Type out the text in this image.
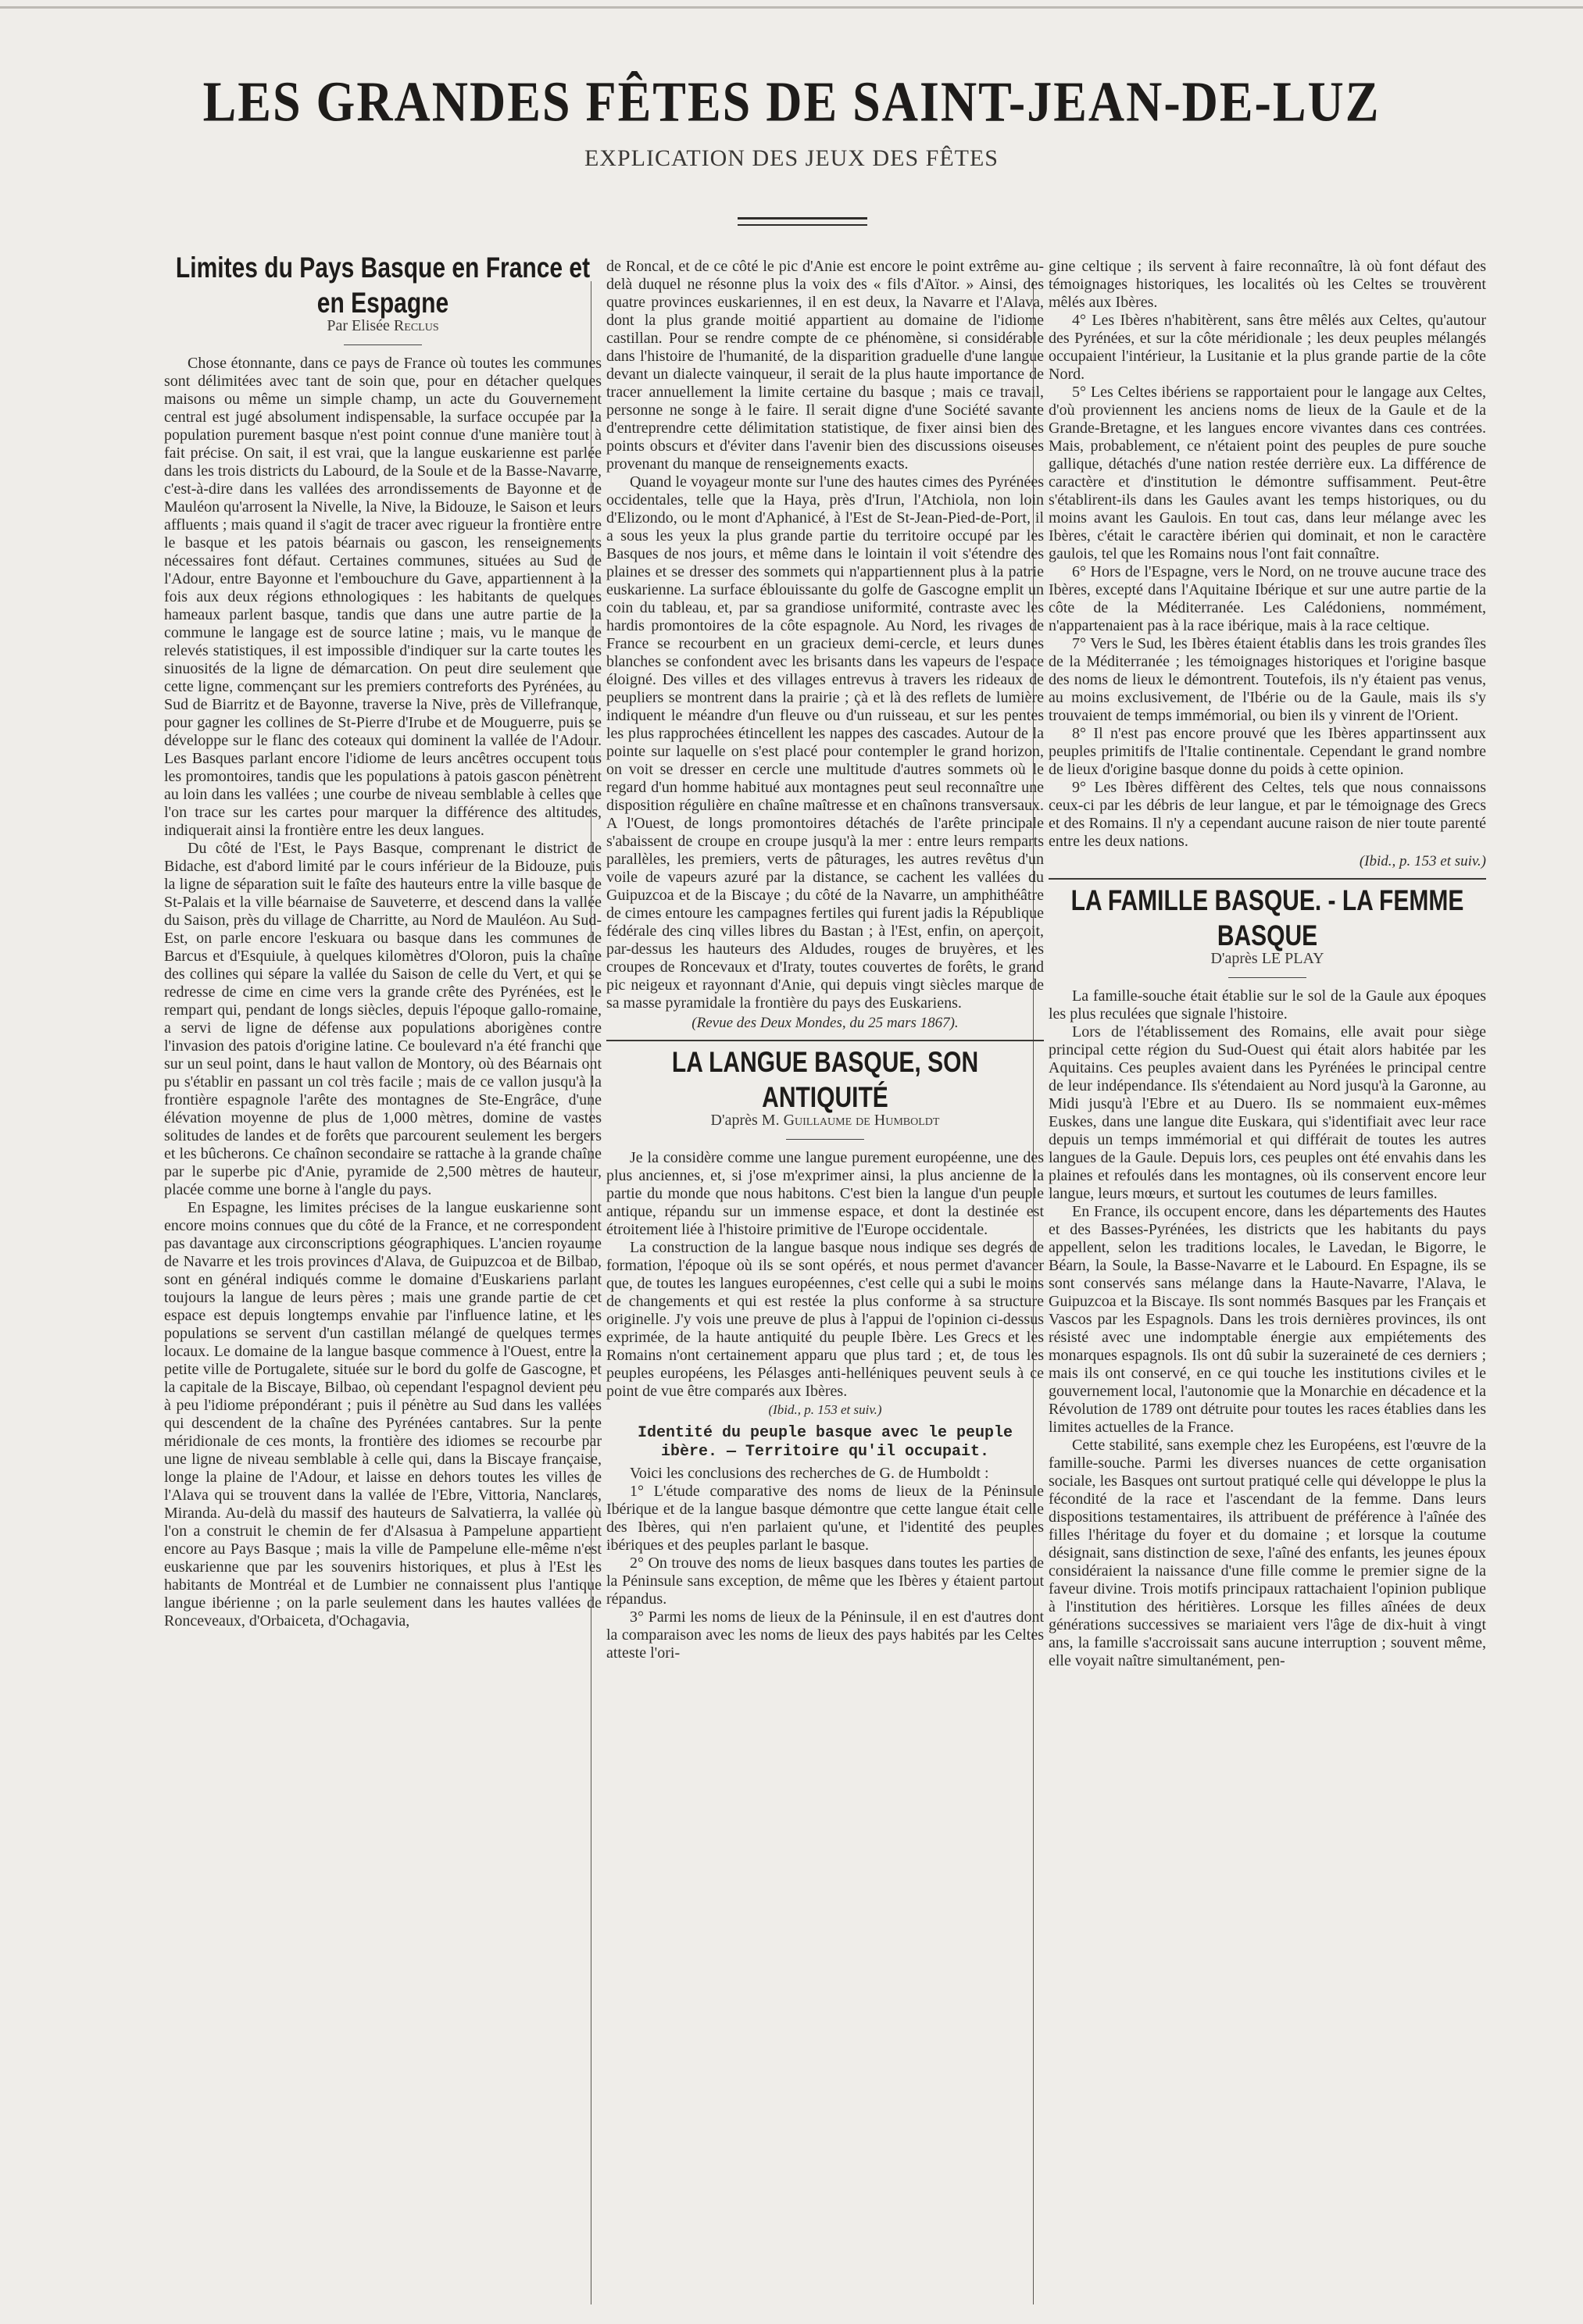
LES GRANDES FÊTES DE SAINT-JEAN-DE-LUZ
EXPLICATION DES JEUX DES FÊTES
Limites du Pays Basque en France et en Espagne
Par Elisée Reclus

Chose étonnante, dans ce pays de France où toutes les communes sont délimitées avec tant de soin que, pour en détacher quelques maisons ou même un simple champ, un acte du Gouvernement central est jugé absolument indispensable, la surface occupée par la population purement basque n'est point connue d'une manière tout à fait précise. On sait, il est vrai, que la langue euskarienne est parlée dans les trois districts du Labourd, de la Soule et de la Basse-Navarre, c'est-à-dire dans les vallées des arrondissements de Bayonne et de Mauléon qu'arrosent la Nivelle, la Nive, la Bidouze, le Saison et leurs affluents ; mais quand il s'agit de tracer avec rigueur la frontière entre le basque et les patois béarnais ou gascon, les renseignements nécessaires font défaut. Certaines communes, situées au Sud de l'Adour, entre Bayonne et l'embouchure du Gave, appartiennent à la fois aux deux régions ethnologiques : les habitants de quelques hameaux parlent basque, tandis que dans une autre partie de la commune le langage est de source latine ; mais, vu le manque de relevés statistiques, il est impossible d'indiquer sur la carte toutes les sinuosités de la ligne de démarcation. On peut dire seulement que cette ligne, commençant sur les premiers contreforts des Pyrénées, au Sud de Biarritz et de Bayonne, traverse la Nive, près de Villefranque, pour gagner les collines de St-Pierre d'Irube et de Mouguerre, puis se développe sur le flanc des coteaux qui dominent la vallée de l'Adour. Les Basques parlant encore l'idiome de leurs ancêtres occupent tous les promontoires, tandis que les populations à patois gascon pénètrent au loin dans les vallées ; une courbe de niveau semblable à celles que l'on trace sur les cartes pour marquer la différence des altitudes, indiquerait ainsi la frontière entre les deux langues.

Du côté de l'Est, le Pays Basque, comprenant le district de Bidache, est d'abord limité par le cours inférieur de la Bidouze, puis la ligne de séparation suit le faîte des hauteurs entre la ville basque de St-Palais et la ville béarnaise de Sauveterre, et descend dans la vallée du Saison, près du village de Charritte, au Nord de Mauléon. Au Sud-Est, on parle encore l'eskuara ou basque dans les communes de Barcus et d'Esquiule, à quelques kilomètres d'Oloron, puis la chaîne des collines qui sépare la vallée du Saison de celle du Vert, et qui se redresse de cime en cime vers la grande crête des Pyrénées, est le rempart qui, pendant de longs siècles, depuis l'époque gallo-romaine, a servi de ligne de défense aux populations aborigènes contre l'invasion des patois d'origine latine. Ce boulevard n'a été franchi que sur un seul point, dans le haut vallon de Montory, où des Béarnais ont pu s'établir en passant un col très facile ; mais de ce vallon jusqu'à la frontière espagnole l'arête des montagnes de Ste-Engrâce, d'une élévation moyenne de plus de 1,000 mètres, domine de vastes solitudes de landes et de forêts que parcourent seulement les bergers et les bûcherons. Ce chaînon secondaire se rattache à la grande chaîne par le superbe pic d'Anie, pyramide de 2,500 mètres de hauteur, placée comme une borne à l'angle du pays.

En Espagne, les limites précises de la langue euskarienne sont encore moins connues que du côté de la France, et ne correspondent pas davantage aux circonscriptions géographiques. L'ancien royaume de Navarre et les trois provinces d'Alava, de Guipuzcoa et de Bilbao, sont en général indiqués comme le domaine d'Euskariens parlant toujours la langue de leurs pères ; mais une grande partie de cet espace est depuis longtemps envahie par l'influence latine, et les populations se servent d'un castillan mélangé de quelques termes locaux. Le domaine de la langue basque commence à l'Ouest, entre la petite ville de Portugalete, située sur le bord du golfe de Gascogne, et la capitale de la Biscaye, Bilbao, où cependant l'espagnol devient peu à peu l'idiome prépondérant ; puis il pénètre au Sud dans les vallées qui descendent de la chaîne des Pyrénées cantabres. Sur la pente méridionale de ces monts, la frontière des idiomes se recourbe par une ligne de niveau semblable à celle qui, dans la Biscaye française, longe la plaine de l'Adour, et laisse en dehors toutes les villes de l'Alava qui se trouvent dans la vallée de l'Ebre, Vittoria, Nanclares, Miranda. Au-delà du massif des hauteurs de Salvatierra, la vallée où l'on a construit le chemin de fer d'Alsasua à Pampelune appartient encore au Pays Basque ; mais la ville de Pampelune elle-même n'est euskarienne que par les souvenirs historiques, et plus à l'Est les habitants de Montréal et de Lumbier ne connaissent plus l'antique langue ibérienne ; on la parle seulement dans les hautes vallées de Ronceveaux, d'Orbaiceta, d'Ochagavia,

de Roncal, et de ce côté le pic d'Anie est encore le point extrême au-delà duquel ne résonne plus la voix des « fils d'Aïtor. » Ainsi, des quatre provinces euskariennes, il en est deux, la Navarre et l'Alava, dont la plus grande moitié appartient au domaine de l'idiome castillan. Pour se rendre compte de ce phénomène, si considérable dans l'histoire de l'humanité, de la disparition graduelle d'une langue devant un dialecte vainqueur, il serait de la plus haute importance de tracer annuellement la limite certaine du basque ; mais ce travail, personne ne songe à le faire. Il serait digne d'une Société savante d'entreprendre cette délimitation statistique, de fixer ainsi bien des points obscurs et d'éviter dans l'avenir bien des discussions oiseuses provenant du manque de renseignements exacts.

Quand le voyageur monte sur l'une des hautes cimes des Pyrénées occidentales, telle que la Haya, près d'Irun, l'Atchiola, non loin d'Elizondo, ou le mont d'Aphanicé, à l'Est de St-Jean-Pied-de-Port, il a sous les yeux la plus grande partie du territoire occupé par les Basques de nos jours, et même dans le lointain il voit s'étendre des plaines et se dresser des sommets qui n'appartiennent plus à la patrie euskarienne. La surface éblouissante du golfe de Gascogne emplit un coin du tableau, et, par sa grandiose uniformité, contraste avec les hardis promontoires de la côte espagnole. Au Nord, les rivages de France se recourbent en un gracieux demi-cercle, et leurs dunes blanches se confondent avec les brisants dans les vapeurs de l'espace éloigné. Des villes et des villages entrevus à travers les rideaux de peupliers se montrent dans la prairie ; çà et là des reflets de lumière indiquent le méandre d'un fleuve ou d'un ruisseau, et sur les pentes les plus rapprochées étincellent les nappes des cascades. Autour de la pointe sur laquelle on s'est placé pour contempler le grand horizon, on voit se dresser en cercle une multitude d'autres sommets où le regard d'un homme habitué aux montagnes peut seul reconnaître une disposition régulière en chaîne maîtresse et en chaînons transversaux. A l'Ouest, de longs promontoires détachés de l'arête principale s'abaissent de croupe en croupe jusqu'à la mer : entre leurs remparts parallèles, les premiers, verts de pâturages, les autres revêtus d'un voile de vapeurs azuré par la distance, se cachent les vallées du Guipuzcoa et de la Biscaye ; du côté de la Navarre, un amphithéâtre de cimes entoure les campagnes fertiles qui furent jadis la République fédérale des cinq villes libres du Bastan ; à l'Est, enfin, on aperçoit, par-dessus les hauteurs des Aldudes, rouges de bruyères, et les croupes de Roncevaux et d'Iraty, toutes couvertes de forêts, le grand pic neigeux et rayonnant d'Anie, qui depuis vingt siècles marque de sa masse pyramidale la frontière du pays des Euskariens.

(Revue des Deux Mondes, du 25 mars 1867).
LA LANGUE BASQUE, SON ANTIQUITÉ
D'après M. Guillaume de Humboldt

Je la considère comme une langue purement européenne, une des plus anciennes, et, si j'ose m'exprimer ainsi, la plus ancienne de la partie du monde que nous habitons. C'est bien la langue d'un peuple antique, répandu sur un immense espace, et dont la destinée est étroitement liée à l'histoire primitive de l'Europe occidentale.

La construction de la langue basque nous indique ses degrés de formation, l'époque où ils se sont opérés, et nous permet d'avancer que, de toutes les langues européennes, c'est celle qui a subi le moins de changements et qui est restée la plus conforme à sa structure originelle. J'y vois une preuve de plus à l'appui de l'opinion ci-dessus exprimée, de la haute antiquité du peuple Ibère. Les Grecs et les Romains n'ont certainement apparu que plus tard ; et, de tous les peuples européens, les Pélasges anti-helléniques peuvent seuls à ce point de vue être comparés aux Ibères.

(Ibid., p. 153 et suiv.)
Identité du peuple basque avec le peuple ibère. — Territoire qu'il occupait.

Voici les conclusions des recherches de G. de Humboldt :

1° L'étude comparative des noms de lieux de la Péninsule Ibérique et de la langue basque démontre que cette langue était celle des Ibères, qui n'en parlaient qu'une, et l'identité des peuples ibériques et des peuples parlant le basque.

2° On trouve des noms de lieux basques dans toutes les parties de la Péninsule sans exception, de même que les Ibères y étaient partout répandus.

3° Parmi les noms de lieux de la Péninsule, il en est d'autres dont la comparaison avec les noms de lieux des pays habités par les Celtes atteste l'ori-

gine celtique ; ils servent à faire reconnaître, là où font défaut des témoignages historiques, les localités où les Celtes se trouvèrent mêlés aux Ibères.

4° Les Ibères n'habitèrent, sans être mêlés aux Celtes, qu'autour des Pyrénées, et sur la côte méridionale ; les deux peuples mélangés occupaient l'intérieur, la Lusitanie et la plus grande partie de la côte Nord.

5° Les Celtes ibériens se rapportaient pour le langage aux Celtes, d'où proviennent les anciens noms de lieux de la Gaule et de la Grande-Bretagne, et les langues encore vivantes dans ces contrées. Mais, probablement, ce n'étaient point des peuples de pure souche gallique, détachés d'une nation restée derrière eux. La différence de caractère et d'institution le démontre suffisamment. Peut-être s'établirent-ils dans les Gaules avant les temps historiques, ou du moins avant les Gaulois. En tout cas, dans leur mélange avec les Ibères, c'était le caractère ibérien qui dominait, et non le caractère gaulois, tel que les Romains nous l'ont fait connaître.

6° Hors de l'Espagne, vers le Nord, on ne trouve aucune trace des Ibères, excepté dans l'Aquitaine Ibérique et sur une autre partie de la côte de la Méditerranée. Les Calédoniens, nommément, n'appartenaient pas à la race ibérique, mais à la race celtique.

7° Vers le Sud, les Ibères étaient établis dans les trois grandes îles de la Méditerranée ; les témoignages historiques et l'origine basque des noms de lieux le démontrent. Toutefois, ils n'y étaient pas venus, au moins exclusivement, de l'Ibérie ou de la Gaule, mais ils s'y trouvaient de temps immémorial, ou bien ils y vinrent de l'Orient.

8° Il n'est pas encore prouvé que les Ibères appartinssent aux peuples primitifs de l'Italie continentale. Cependant le grand nombre de lieux d'origine basque donne du poids à cette opinion.

9° Les Ibères diffèrent des Celtes, tels que nous connaissons ceux-ci par les débris de leur langue, et par le témoignage des Grecs et des Romains. Il n'y a cependant aucune raison de nier toute parenté entre les deux nations.

(Ibid., p. 153 et suiv.)
LA FAMILLE BASQUE. - LA FEMME BASQUE
D'après LE PLAY

La famille-souche était établie sur le sol de la Gaule aux époques les plus reculées que signale l'histoire.

Lors de l'établissement des Romains, elle avait pour siège principal cette région du Sud-Ouest qui était alors habitée par les Aquitains. Ces peuples avaient dans les Pyrénées le principal centre de leur indépendance. Ils s'étendaient au Nord jusqu'à la Garonne, au Midi jusqu'à l'Ebre et au Duero. Ils se nommaient eux-mêmes Euskes, dans une langue dite Euskara, qui s'identifiait avec leur race depuis un temps immémorial et qui différait de toutes les autres langues de la Gaule. Depuis lors, ces peuples ont été envahis dans les plaines et refoulés dans les montagnes, où ils conservent encore leur langue, leurs mœurs, et surtout les coutumes de leurs familles.

En France, ils occupent encore, dans les départements des Hautes et des Basses-Pyrénées, les districts que les habitants du pays appellent, selon les traditions locales, le Lavedan, le Bigorre, le Béarn, la Soule, la Basse-Navarre et le Labourd. En Espagne, ils se sont conservés sans mélange dans la Haute-Navarre, l'Alava, le Guipuzcoa et la Biscaye. Ils sont nommés Basques par les Français et Vascos par les Espagnols. Dans les trois dernières provinces, ils ont résisté avec une indomptable énergie aux empiétements des monarques espagnols. Ils ont dû subir la suzeraineté de ces derniers ; mais ils ont conservé, en ce qui touche les institutions civiles et le gouvernement local, l'autonomie que la Monarchie en décadence et la Révolution de 1789 ont détruite pour toutes les races établies dans les limites actuelles de la France.

Cette stabilité, sans exemple chez les Européens, est l'œuvre de la famille-souche. Parmi les diverses nuances de cette organisation sociale, les Basques ont surtout pratiqué celle qui développe le plus la fécondité de la race et l'ascendant de la femme. Dans leurs dispositions testamentaires, ils attribuent de préférence à l'aînée des filles l'héritage du foyer et du domaine ; et lorsque la coutume désignait, sans distinction de sexe, l'aîné des enfants, les jeunes époux considéraient la naissance d'une fille comme le premier signe de la faveur divine. Trois motifs principaux rattachaient l'opinion publique à l'institution des héritières. Lorsque les filles aînées de deux générations successives se mariaient vers l'âge de dix-huit à vingt ans, la famille s'accroissait sans aucune interruption ; souvent même, elle voyait naître simultanément, pen-
